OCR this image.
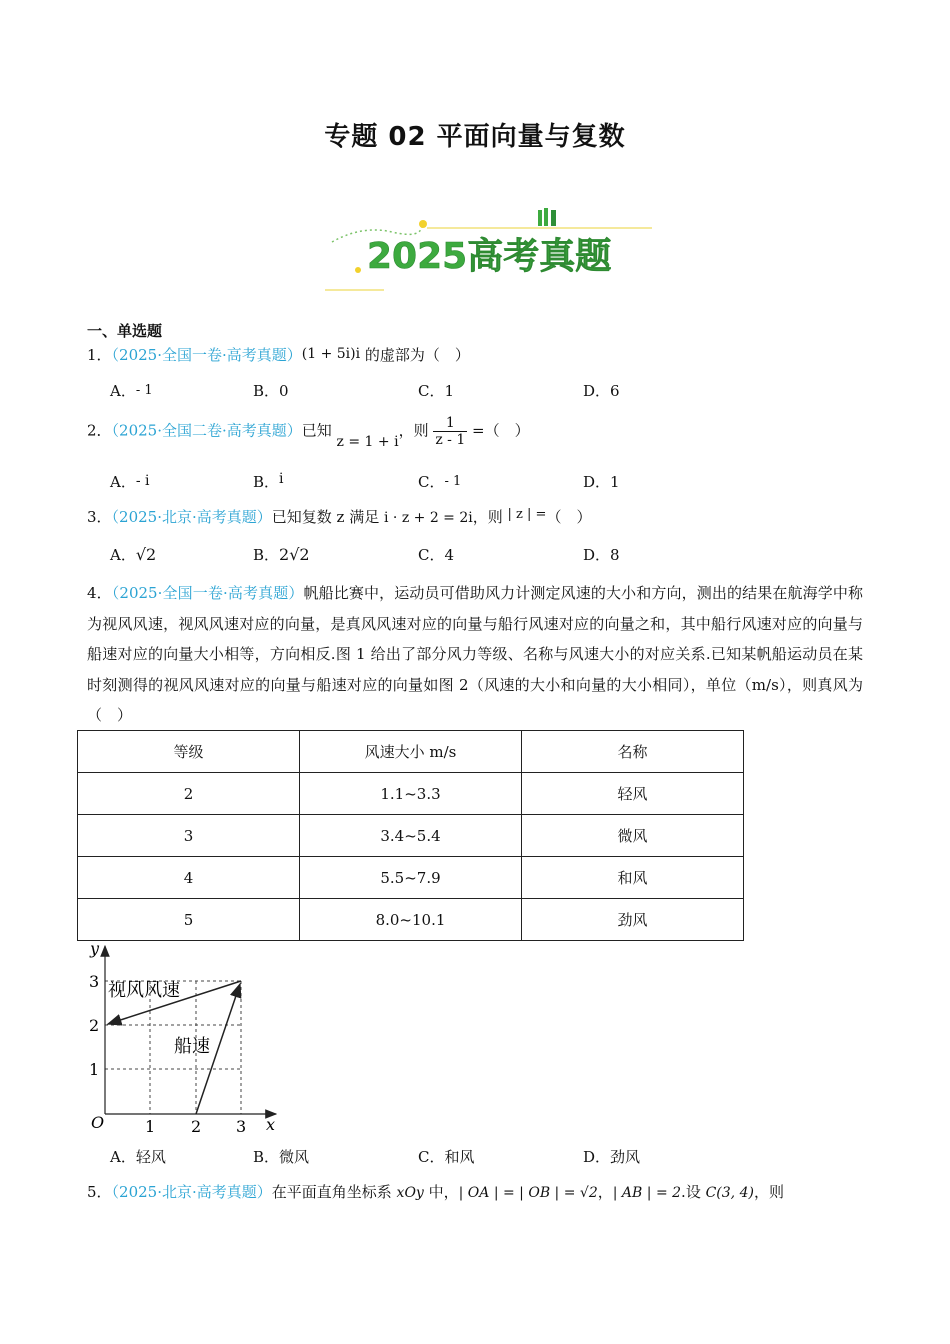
专题 02 平面向量与复数
2025高考真题
一、单选题
1．（2025·全国一卷·高考真题）(1 + 5i)i 的虚部为（　）
A．- 1	B．0	C．1	D．6
2．（2025·全国二卷·高考真题）已知 z = 1 + i，则 $\frac{1}{z - 1}$ =（　）
A．- i	B．i	C．- 1	D．1
3．（2025·北京·高考真题）已知复数 z 满足 i · z + 2 = 2i，则 | z | =（　）
A．√2	B．2√2	C．4	D．8
4．（2025·全国一卷·高考真题）帆船比赛中，运动员可借助风力计测定风速的大小和方向，测出的结果在航海学中称为视风风速，视风风速对应的向量，是真风风速对应的向量与船行风速对应的向量之和，其中船行风速对应的向量与船速对应的向量大小相等，方向相反.图 1 给出了部分风力等级、名称与风速大小的对应关系.已知某帆船运动员在某时刻测得的视风风速对应的向量与船速对应的向量如图 2（风速的大小和向量的大小相同），单位（m/s），则真风为（　）
等级	风速大小 m/s	名称
2	1.1~3.3	轻风
3	3.4~5.4	微风
4	5.5~7.9	和风
5	8.0~10.1	劲风
y
x
O	1 2 3
1
2
3 视风风速
船速
A．轻风	B．微风	C．和风	D．劲风
5．（2025·北京·高考真题）在平面直角坐标系 xOy 中，| OA | = | OB | = √2，| AB | = 2.设 C(3, 4)，则
